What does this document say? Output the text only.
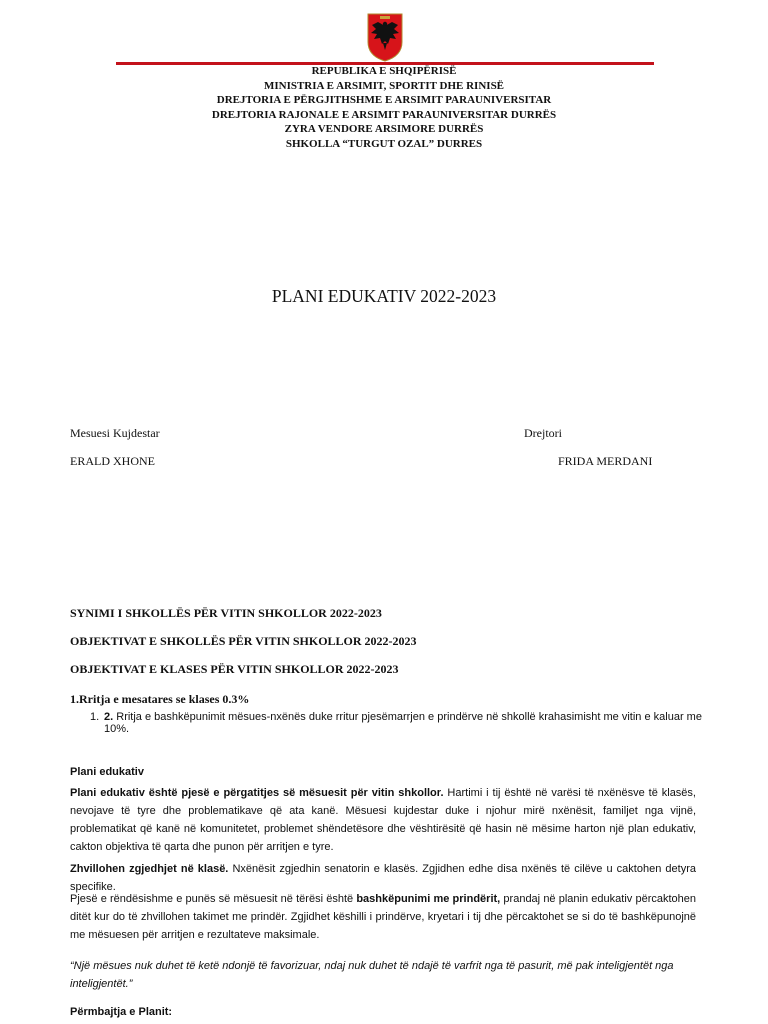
REPUBLIKA E SHQIPËRISË
MINISTRIA E ARSIMIT, SPORTIT DHE RINISË
DREJTORIA E PËRGJITHSHME E ARSIMIT PARAUNIVERSITAR
DREJTORIA RAJONALE E ARSIMIT PARAUNIVERSITAR DURRËS
ZYRA VENDORE ARSIMORE DURRËS
SHKOLLA “TURGUT OZAL” DURRES
PLANI EDUKATIV 2022-2023
Mesuesi Kujdestar
ERALD XHONE
Drejtori
FRIDA MERDANI
SYNIMI I SHKOLLËS PËR VITIN SHKOLLOR 2022-2023
OBJEKTIVAT E SHKOLLËS PËR VITIN SHKOLLOR 2022-2023
OBJEKTIVAT E KLASES PËR VITIN SHKOLLOR 2022-2023
1.Rritja e mesatares se klases 0.3%
1. 2. Rritja e bashkëpunimit mësues-nxënës duke rritur pjesëmarrjen e prindërve në shkollë krahasimisht me vitin e kaluar me
10%.
Plani edukativ
Plani edukativ është pjesë e përgatitjes së mësuesit për vitin shkollor. Hartimi i tij është në varësi të nxënësve të klasës, nevojave të tyre dhe problematikave që ata kanë. Mësuesi kujdestar duke i njohur mirë nxënësit, familjet nga vijnë, problematikat që kanë në komunitetet, problemet shëndetësore dhe vështirësitë që hasin në mësime harton një plan edukativ, cakton objektiva të qarta dhe punon për arritjen e tyre.
Zhvillohen zgjedhjet në klasë. Nxënësit zgjedhin senatorin e klasës. Zgjidhen edhe disa nxënës të cilëve u caktohen detyra specifike.
Pjesë e rëndësishme e punës së mësuesit në tërësi është bashkëpunimi me prindërit, prandaj në planin edukativ përcaktohen ditët kur do të zhvillohen takimet me prindër. Zgjidhet këshilli i prindërve, kryetari i tij dhe përcaktohet se si do të bashkëpunojnë me mësuesen për arritjen e rezultateve maksimale.
“Një mësues nuk duhet të ketë ndonjë të favorizuar, ndaj nuk duhet të ndajë të varfrit nga të pasurit, më pak inteligjentët nga inteligjentët.”
Përmbajtja e Planit:
